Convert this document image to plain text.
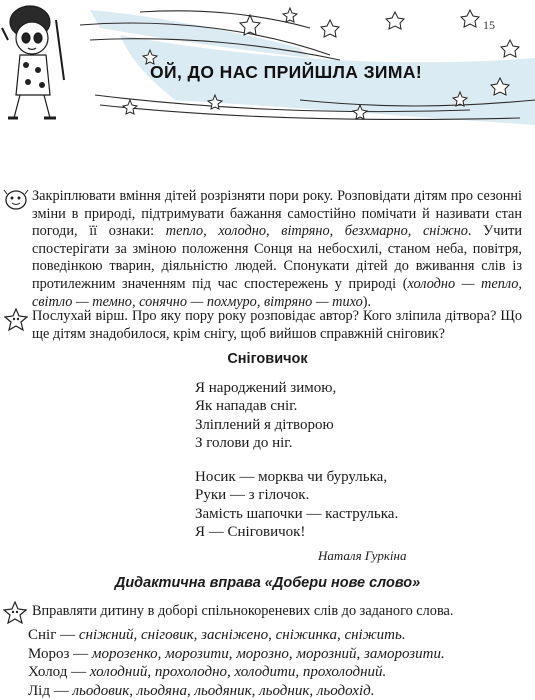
ОЙ, ДО НАС ПРИЙШЛА ЗИМА!
15
Закріплювати вміння дітей розрізняти пори року. Розповідати дітям про сезонні зміни в природі, підтримувати бажання самостійно помічати й називати стан погоди, її ознаки: тепло, холодно, вітряно, безхмарно, сніжно. Учити спостерігати за зміною положення Сонця на небосхилі, станом неба, повітря, поведінкою тварин, діяльністю людей. Спонукати дітей до вживання слів із протилежним значенням під час спостережень у природі (холодно — тепло, світло — темно, сонячно — похмуро, вітряно — тихо).
Послухай вірш. Про яку пору року розповідає автор? Кого зліпила дітвора? Що ще дітям знадобилося, крім снігу, щоб вийшов справжній сніговик?
Сніговичок
Я народжений зимою,
Як нападав сніг.
Зліплений я дітворою
З голови до ніг.
Носик — морква чи бурулька,
Руки — з гілочок.
Замість шапочки — каструлька.
Я — Сніговичок!
Наталя Гуркіна
Дидактична вправа «Добери нове слово»
Вправляти дитину в доборі спільнокореневих слів до заданого слова.
Сніг — сніжний, сніговик, засніжено, сніжинка, сніжить.
Мороз — морозенко, морозити, морозно, морозний, заморозити.
Холод — холодний, прохолодно, холодити, прохолодний.
Лід — льодовик, льодяна, льодяник, льодник, льодохід.
